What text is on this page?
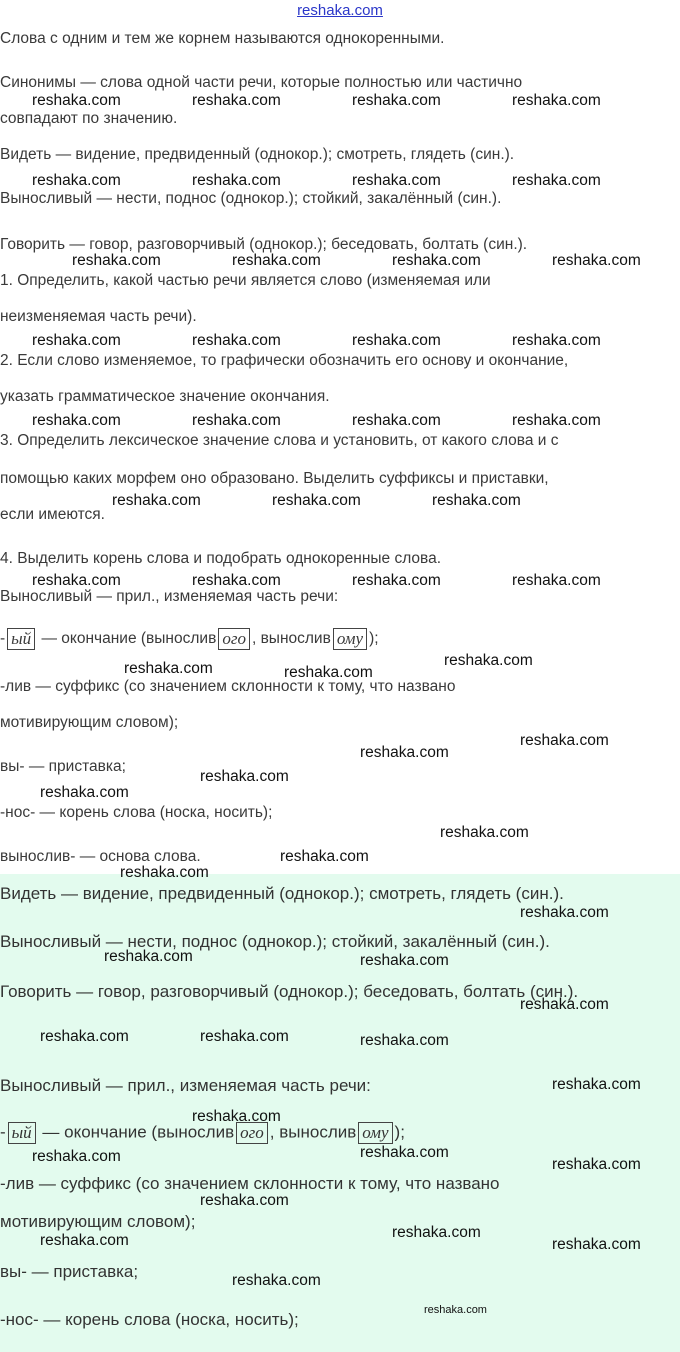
reshaka.com
Слова с одним и тем же корнем называются однокоренными.
Синонимы — слова одной части речи, которые полностью или частично
совпадают по значению.
Видеть — видение, предвиденный (однокор.); смотреть, глядеть (син.).
Выносливый — нести, поднос (однокор.); стойкий, закалённый (син.).
Говорить — говор, разговорчивый (однокор.); беседовать, болтать (син.).
1. Определить, какой частью речи является слово (изменяемая или
неизменяемая часть речи).
2. Если слово изменяемое, то графически обозначить его основу и окончание,
указать грамматическое значение окончания.
3. Определить лексическое значение слова и установить, от какого слова и с
помощью каких морфем оно образовано. Выделить суффиксы и приставки,
если имеются.
4. Выделить корень слова и подобрать однокоренные слова.
Выносливый — прил., изменяемая часть речи:
- ый — окончание (вынослив ого , вынослив ому );
-лив — суффикс (со значением склонности к тому, что названо
мотивирующим словом);
вы- — приставка;
-нос- — корень слова (носка, носить);
вынослив- — основа слова.
Видеть — видение, предвиденный (однокор.); смотреть, глядеть (син.).
Выносливый — нести, поднос (однокор.); стойкий, закалённый (син.).
Говорить — говор, разговорчивый (однокор.); беседовать, болтать (син.).
Выносливый — прил., изменяемая часть речи:
- ый — окончание (вынослив ого , вынослив ому );
-лив — суффикс (со значением склонности к тому, что названо
мотивирующим словом);
вы- — приставка;
-нос- — корень слова (носка, носить);
reshaka.com	reshaka.com	reshaka.com	reshaka.com
reshaka.com	reshaka.com	reshaka.com	reshaka.com
reshaka.com	reshaka.com	reshaka.com	reshaka.com
reshaka.com	reshaka.com	reshaka.com	reshaka.com
reshaka.com	reshaka.com	reshaka.com	reshaka.com
reshaka.com	reshaka.com	reshaka.com
reshaka.com	reshaka.com	reshaka.com	reshaka.com
reshaka.com	reshaka.com
reshaka.com
reshaka.com
reshaka.com
reshaka.com
reshaka.com
reshaka.com
reshaka.com
reshaka.com
reshaka.com
reshaka.com	reshaka.com
reshaka.com
reshaka.com	reshaka.com	reshaka.com
reshaka.com
reshaka.com
reshaka.com	reshaka.com
reshaka.com
reshaka.com
reshaka.com
reshaka.com	reshaka.com
reshaka.com
reshaka.com
